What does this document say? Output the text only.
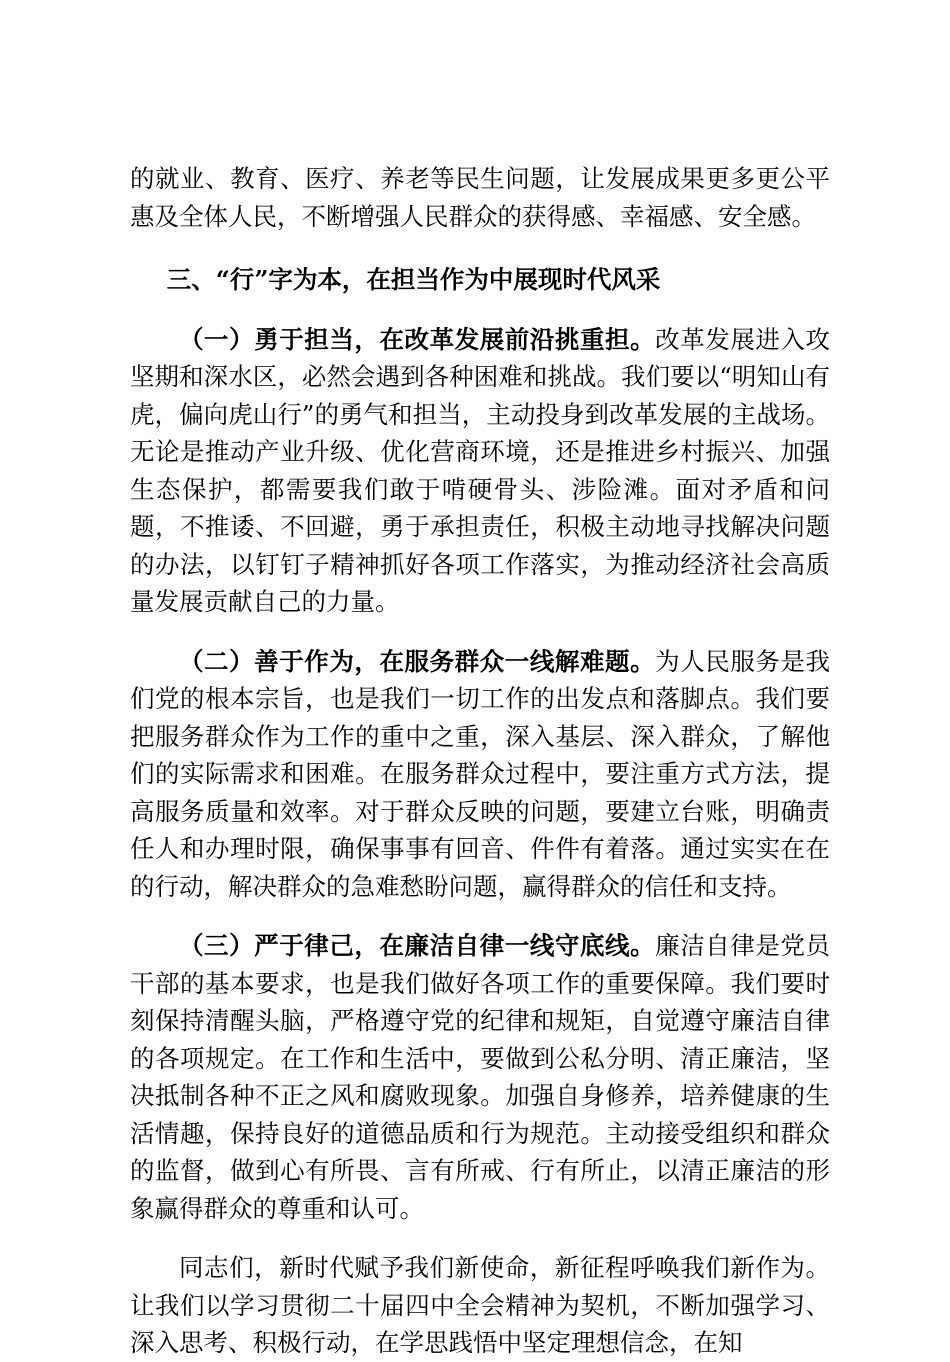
的就业、教育、医疗、养老等民生问题，让发展成果更多更公平惠及全体人民，不断增强人民群众的获得感、幸福感、安全感。

三、“行”字为本，在担当作为中展现时代风采

（一）勇于担当，在改革发展前沿挑重担。改革发展进入攻坚期和深水区，必然会遇到各种困难和挑战。我们要以“明知山有虎，偏向虎山行”的勇气和担当，主动投身到改革发展的主战场。无论是推动产业升级、优化营商环境，还是推进乡村振兴、加强生态保护，都需要我们敢于啃硬骨头、涉险滩。面对矛盾和问题，不推诿、不回避，勇于承担责任，积极主动地寻找解决问题的办法，以钉钉子精神抓好各项工作落实，为推动经济社会高质量发展贡献自己的力量。

（二）善于作为，在服务群众一线解难题。为人民服务是我们党的根本宗旨，也是我们一切工作的出发点和落脚点。我们要把服务群众作为工作的重中之重，深入基层、深入群众，了解他们的实际需求和困难。在服务群众过程中，要注重方式方法，提高服务质量和效率。对于群众反映的问题，要建立台账，明确责任人和办理时限，确保事事有回音、件件有着落。通过实实在在的行动，解决群众的急难愁盼问题，赢得群众的信任和支持。

（三）严于律己，在廉洁自律一线守底线。廉洁自律是党员干部的基本要求，也是我们做好各项工作的重要保障。我们要时刻保持清醒头脑，严格遵守党的纪律和规矩，自觉遵守廉洁自律的各项规定。在工作和生活中，要做到公私分明、清正廉洁，坚决抵制各种不正之风和腐败现象。加强自身修养，培养健康的生活情趣，保持良好的道德品质和行为规范。主动接受组织和群众的监督，做到心有所畏、言有所戒、行有所止，以清正廉洁的形象赢得群众的尊重和认可。

同志们，新时代赋予我们新使命，新征程呼唤我们新作为。让我们以学习贯彻二十届四中全会精神为契机，不断加强学习、深入思考、积极行动，在学思践悟中坚定理想信念，在知
